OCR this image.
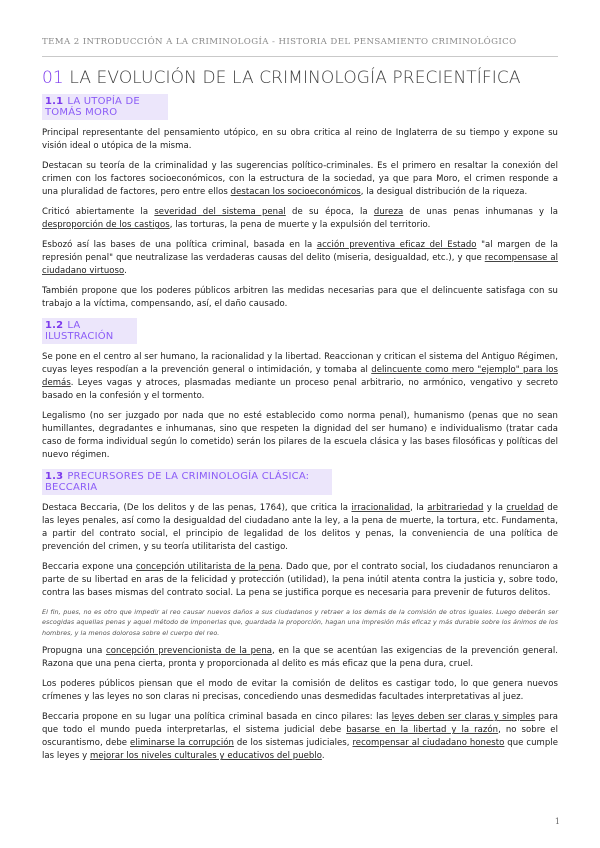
TEMA 2 INTRODUCCIÓN A LA CRIMINOLOGÍA - HISTORIA DEL PENSAMIENTO CRIMINOLÓGICO
01 LA EVOLUCIÓN DE LA CRIMINOLOGÍA PRECIENTÍFICA
1.1 LA UTOPÍA DE TOMÁS MORO

Principal representante del pensamiento utópico, en su obra critica al reino de Inglaterra de su tiempo y expone su visión ideal o utópica de la misma.

Destacan su teoría de la criminalidad y las sugerencias político-criminales. Es el primero en resaltar la conexión del crimen con los factores socioeconómicos, con la estructura de la sociedad, ya que para Moro, el crimen responde a una pluralidad de factores, pero entre ellos destacan los socioeconómicos, la desigual distribución de la riqueza.

Criticó abiertamente la severidad del sistema penal de su época, la dureza de unas penas inhumanas y la desproporción de los castigos, las torturas, la pena de muerte y la expulsión del territorio.

Esbozó así las bases de una política criminal, basada en la acción preventiva eficaz del Estado "al margen de la represión penal" que neutralizase las verdaderas causas del delito (miseria, desigualdad, etc.), y que recompensase al ciudadano virtuoso.

También propone que los poderes públicos arbitren las medidas necesarias para que el delincuente satisfaga con su trabajo a la víctima, compensando, así, el daño causado.

1.2 LA ILUSTRACIÓN

Se pone en el centro al ser humano, la racionalidad y la libertad. Reaccionan y critican el sistema del Antiguo Régimen, cuyas leyes respodían a la prevención general o intimidación, y tomaba al delincuente como mero "ejemplo" para los demás. Leyes vagas y atroces, plasmadas mediante un proceso penal arbitrario, no armónico, vengativo y secreto basado en la confesión y el tormento.

Legalismo (no ser juzgado por nada que no esté establecido como norma penal), humanismo (penas que no sean humillantes, degradantes e inhumanas, sino que respeten la dignidad del ser humano) e individualismo (tratar cada caso de forma individual según lo cometido) serán los pilares de la escuela clásica y las bases filosóficas y políticas del nuevo régimen.

1.3 PRECURSORES DE LA CRIMINOLOGÍA CLÁSICA: BECCARIA

Destaca Beccaria, (De los delitos y de las penas, 1764), que critica la irracionalidad, la arbitrariedad y la crueldad de las leyes penales, así como la desigualdad del ciudadano ante la ley, a la pena de muerte, la tortura, etc. Fundamenta, a partir del contrato social, el principio de legalidad de los delitos y penas, la conveniencia de una política de prevención del crimen, y su teoría utilitarista del castigo.

Beccaria expone una concepción utilitarista de la pena. Dado que, por el contrato social, los ciudadanos renunciaron a parte de su libertad en aras de la felicidad y protección (utilidad), la pena inútil atenta contra la justicia y, sobre todo, contra las bases mismas del contrato social. La pena se justifica porque es necesaria para prevenir de futuros delitos.

El fin, pues, no es otro que impedir al reo causar nuevos daños a sus ciudadanos y retraer a los demás de la comisión de otros iguales. Luego deberán ser escogidas aquellas penas y aquel método de imponerlas que, guardada la proporción, hagan una impresión más eficaz y más durable sobre los ánimos de los hombres, y la menos dolorosa sobre el cuerpo del reo.

Propugna una concepción prevencionista de la pena, en la que se acentúan las exigencias de la prevención general. Razona que una pena cierta, pronta y proporcionada al delito es más eficaz que la pena dura, cruel.

Los poderes públicos piensan que el modo de evitar la comisión de delitos es castigar todo, lo que genera nuevos crímenes y las leyes no son claras ni precisas, concediendo unas desmedidas facultades interpretativas al juez.

Beccaria propone en su lugar una política criminal basada en cinco pilares: las leyes deben ser claras y simples para que todo el mundo pueda interpretarlas, el sistema judicial debe basarse en la libertad y la razón, no sobre el oscurantismo, debe eliminarse la corrupción de los sistemas judiciales, recompensar al ciudadano honesto que cumple las leyes y mejorar los niveles culturales y educativos del pueblo.

1
